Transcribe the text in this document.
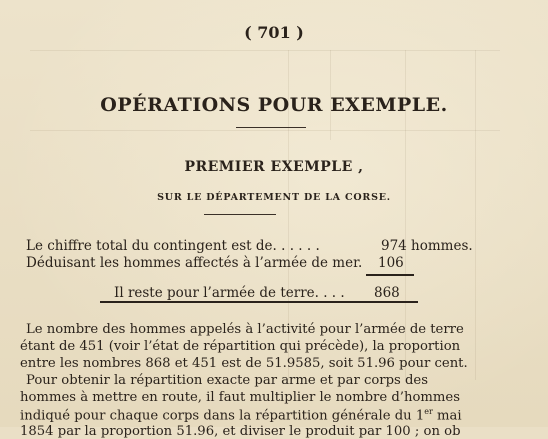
( 701 )
OPÉRATIONS POUR EXEMPLE.
PREMIER EXEMPLE ,
SUR LE DÉPARTEMENT DE LA CORSE.
Le chiffre total du contingent est de. . . . . .	974 hommes.
Déduisant les hommes affectés à l’armée de mer. 106
Il reste pour l’armée de terre. . . . 868
Le nombre des hommes appelés à l’activité pour l’armée de terre
étant de 451 (voir l’état de répartition qui précède), la proportion
entre les nombres 868 et 451 est de 51.9585, soit 51.96 pour cent.
Pour obtenir la répartition exacte par arme et par corps des
hommes à mettre en route, il faut multiplier le nombre d’hommes
indiqué pour chaque corps dans la répartition générale du 1er mai
1854 par la proportion 51.96, et diviser le produit par 100 ; on ob
